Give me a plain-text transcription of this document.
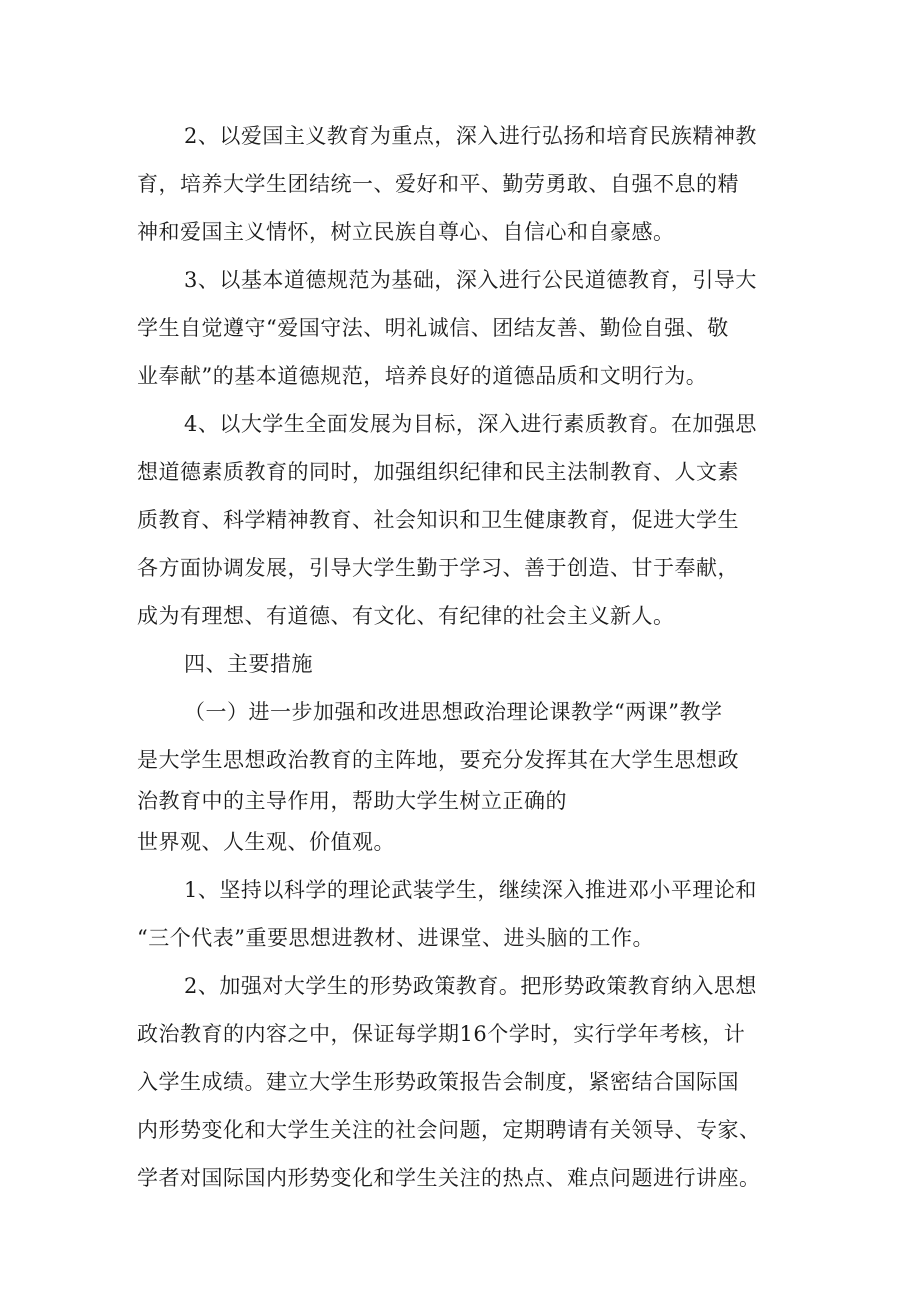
2、以爱国主义教育为重点，深入进行弘扬和培育民族精神教
育，培养大学生团结统一、爱好和平、勤劳勇敢、自强不息的精
神和爱国主义情怀，树立民族自尊心、自信心和自豪感。
3、以基本道德规范为基础，深入进行公民道德教育，引导大
学生自觉遵守“爱国守法、明礼诚信、团结友善、勤俭自强、敬
业奉献”的基本道德规范，培养良好的道德品质和文明行为。
4、以大学生全面发展为目标，深入进行素质教育。在加强思
想道德素质教育的同时，加强组织纪律和民主法制教育、人文素
质教育、科学精神教育、社会知识和卫生健康教育，促进大学生
各方面协调发展，引导大学生勤于学习、善于创造、甘于奉献，
成为有理想、有道德、有文化、有纪律的社会主义新人。
四、主要措施
（一）进一步加强和改进思想政治理论课教学“两课”教学
是大学生思想政治教育的主阵地，要充分发挥其在大学生思想政
治教育中的主导作用，帮助大学生树立正确的
世界观、人生观、价值观。
1、坚持以科学的理论武装学生，继续深入推进邓小平理论和
“三个代表”重要思想进教材、进课堂、进头脑的工作。
2、加强对大学生的形势政策教育。把形势政策教育纳入思想
政治教育的内容之中，保证每学期16个学时，实行学年考核，计
入学生成绩。建立大学生形势政策报告会制度，紧密结合国际国
内形势变化和大学生关注的社会问题，定期聘请有关领导、专家、
学者对国际国内形势变化和学生关注的热点、难点问题进行讲座。
